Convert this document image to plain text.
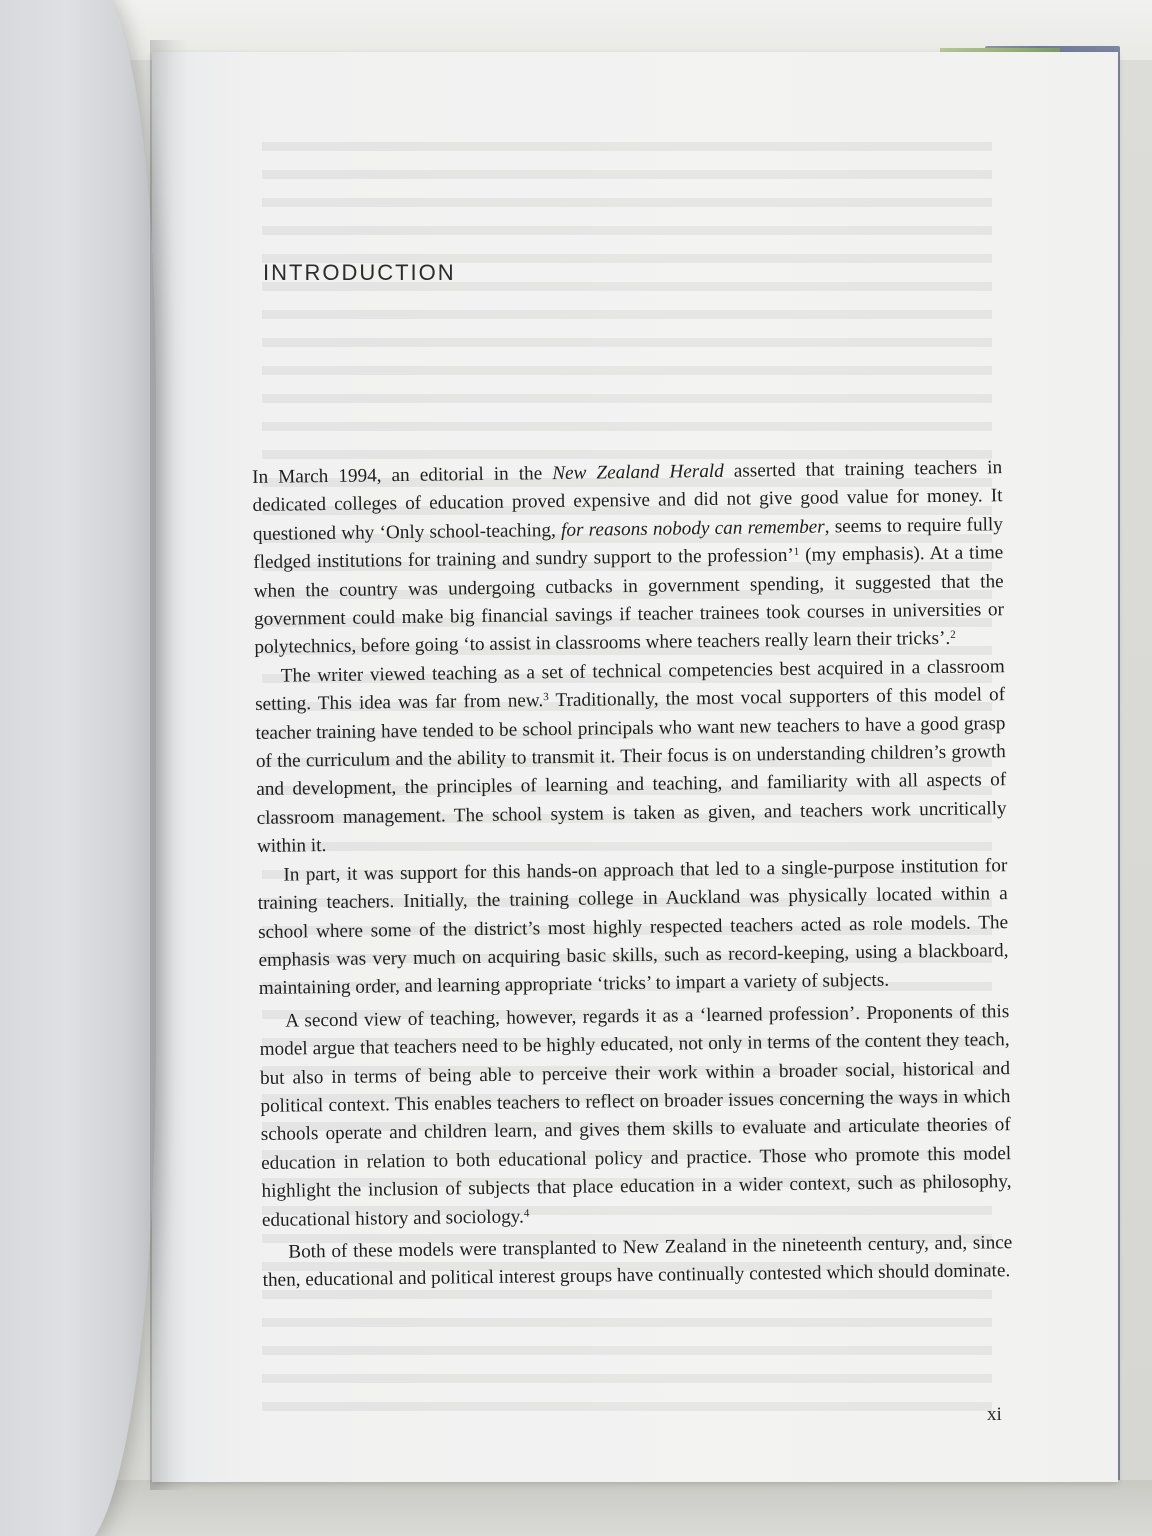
INTRODUCTION

In March 1994, an editorial in the New Zealand Herald asserted that training teachers in dedicated colleges of education proved expensive and did not give good value for money. It questioned why ‘Only school-teaching, for reasons nobody can remember, seems to require fully fledged institutions for training and sundry support to the profession’$^1$ (my emphasis). At a time when the country was undergoing cutbacks in government spending, it suggested that the government could make big financial savings if teacher trainees took courses in universities or polytechnics, before going ‘to assist in classrooms where teachers really learn their tricks’.$^2$

The writer viewed teaching as a set of technical competencies best acquired in a classroom setting. This idea was far from new.$^3$ Traditionally, the most vocal supporters of this model of teacher training have tended to be school principals who want new teachers to have a good grasp of the curriculum and the ability to transmit it. Their focus is on understanding children’s growth and development, the principles of learning and teaching, and familiarity with all aspects of classroom management. The school system is taken as given, and teachers work uncritically within it.

In part, it was support for this hands-on approach that led to a single-purpose institution for training teachers. Initially, the training college in Auckland was physically located within a school where some of the district’s most highly respected teachers acted as role models. The emphasis was very much on acquiring basic skills, such as record-keeping, using a blackboard, maintaining order, and learning appropriate ‘tricks’ to impart a variety of subjects.

A second view of teaching, however, regards it as a ‘learned profession’. Proponents of this model argue that teachers need to be highly educated, not only in terms of the content they teach, but also in terms of being able to perceive their work within a broader social, historical and political context. This enables teachers to reflect on broader issues concerning the ways in which schools operate and children learn, and gives them skills to evaluate and articulate theories of education in relation to both educational policy and practice. Those who promote this model highlight the inclusion of subjects that place education in a wider context, such as philosophy, educational history and sociology.$^4$

Both of these models were transplanted to New Zealand in the nineteenth century, and, since then, educational and political interest groups have continually contested which should dominate.

xi
